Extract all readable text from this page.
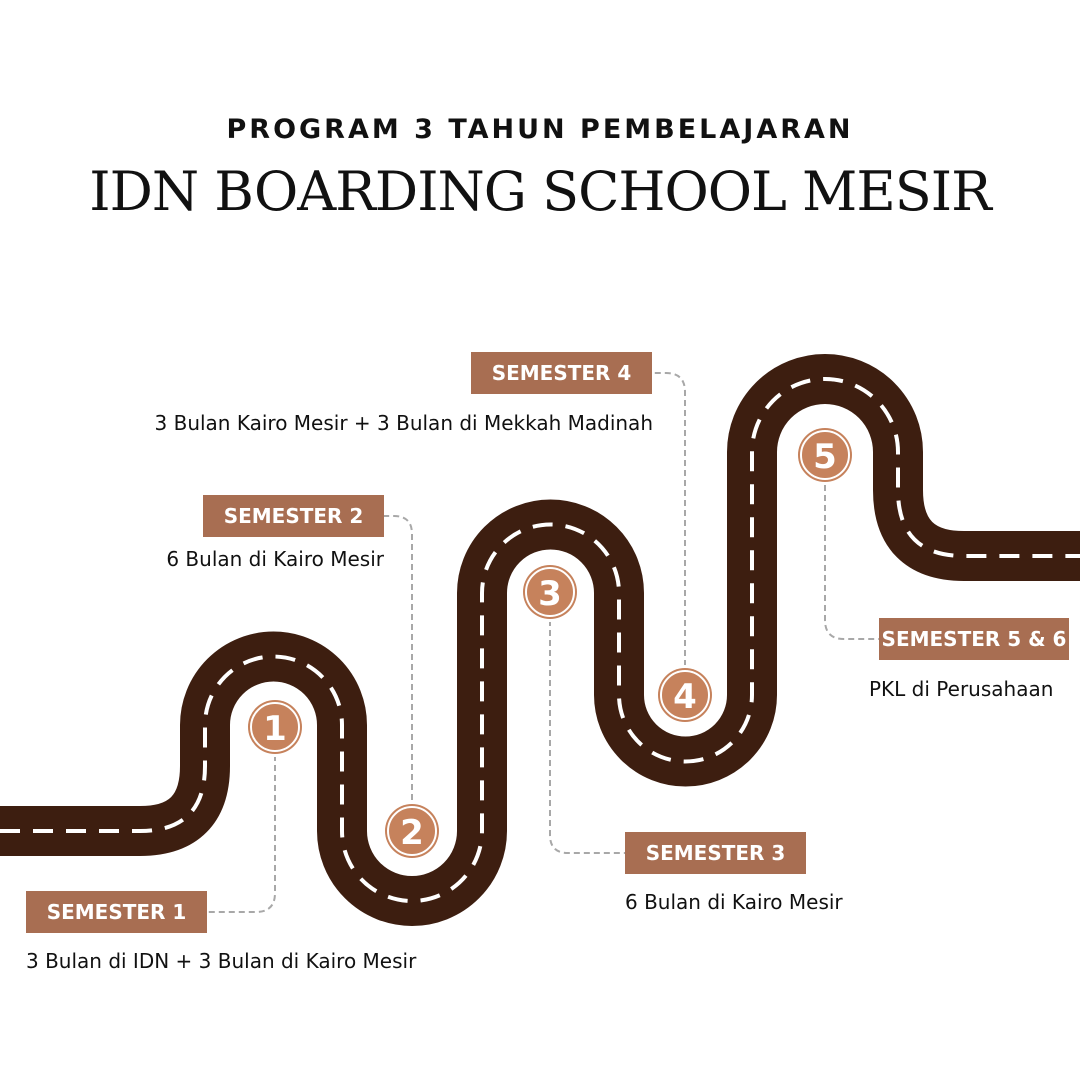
PROGRAM 3 TAHUN PEMBELAJARAN
IDN BOARDING SCHOOL MESIR
1
2
3
4
5
SEMESTER 1
3 Bulan di IDN + 3 Bulan di Kairo Mesir
SEMESTER 2
6 Bulan di Kairo Mesir
SEMESTER 3
6 Bulan di Kairo Mesir
SEMESTER 4
3 Bulan Kairo Mesir + 3 Bulan di Mekkah Madinah
SEMESTER 5 & 6
PKL di Perusahaan
